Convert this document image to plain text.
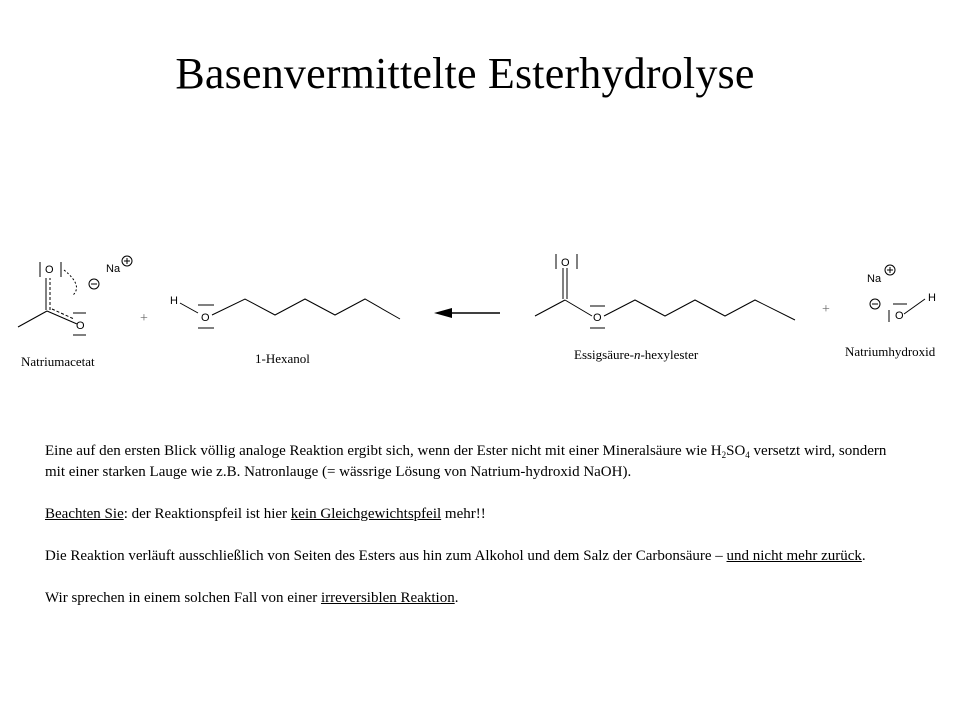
Basenvermittelte Esterhydrolyse
O
O
Na
Natriumacetat
+
H
O
1-Hexanol
O
O
Essigsäure-n-hexylester
+
Na
O
H
Natriumhydroxid

Eine auf den ersten Blick völlig analoge Reaktion ergibt sich, wenn der Ester nicht mit einer Mineralsäure wie $H_2SO_4$ versetzt wird, sondern mit einer starken Lauge wie z.B. Natronlauge (= wässrige Lösung von Natrium-hydroxid NaOH).

Beachten Sie: der Reaktionspfeil ist hier kein Gleichgewichtspfeil mehr!!

Die Reaktion verläuft ausschließlich von Seiten des Esters aus hin zum Alkohol und dem Salz der Carbonsäure – und nicht mehr zurück.

Wir sprechen in einem solchen Fall von einer irreversiblen Reaktion.
